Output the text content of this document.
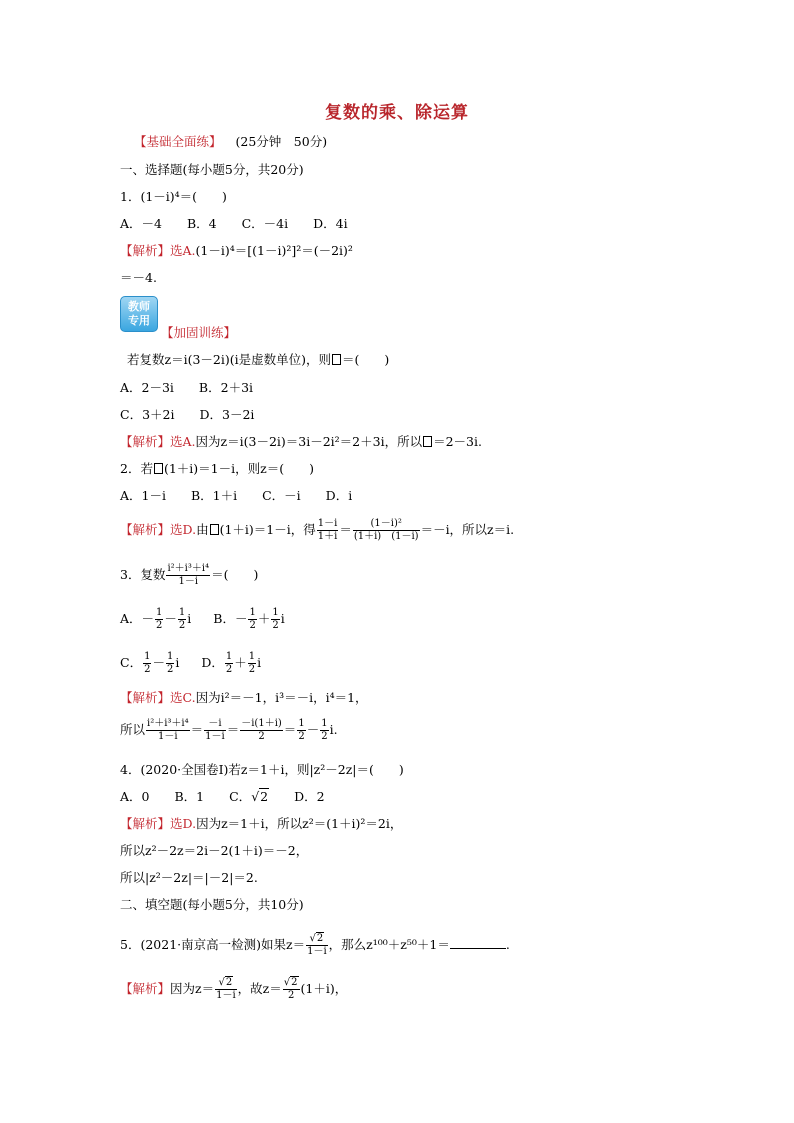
复数的乘、除运算
【基础全面练】 (25分钟　50分)
一、选择题(每小题5分，共20分)
1．(1－i)⁴＝(　　)
A．－4　　B．4　　C．－4i　　D．4i
【解析】选A.(1－i)⁴＝[(1－i)²]²＝(－2i)²
＝－4.
教师
专用
【加固训练】
若复数z＝i(3－2i)(i是虚数单位)，则 ＝(　　)
A．2－3i　　B．2＋3i
C．3＋2i　　D．3－2i
【解析】选A.因为z＝i(3－2i)＝3i－2i²＝2＋3i，所以 ＝2－3i.
2．若 (1＋i)＝1－i，则z＝(　　)
A．1－i　　B．1＋i　　C．－i　　D．i
【解析】选D.由 (1＋i)＝1－i，得 $\frac{1-i}{1+i} = \frac{\text{(1－i)²}}{(1+i) (1-i)} =-i$，所以z＝i.
3．复数 $\frac{\text{i²＋i³＋i⁴}}{1-i}$ ＝(　　)
A．－ $\frac{1}{2} - \frac{1}{2}$ i B．－ $\frac{1}{2} + \frac{1}{2}$ i
C． $\frac{1}{2} - \frac{1}{2}$ i D． $\frac{1}{2} + \frac{1}{2}$ i
【解析】选C.因为i²＝－1，i³＝－i，i⁴＝1，
所以 $\frac{\text{i²＋i³＋i⁴}}{1-i} = \frac{-i}{1-i} = \frac{-i(1+i)}{2} = \frac{1}{2} - \frac{1}{2} i$.
4．(2020·全国卷Ⅰ)若z＝1＋i，则|z²－2z|＝(　　)
A．0　　B．1　　C．√2　　D．2
【解析】选D.因为z＝1＋i，所以z²＝(1＋i)²＝2i，
所以z²－2z＝2i－2(1＋i)＝－2，
所以|z²－2z|＝|－2|＝2.
二、填空题(每小题5分，共10分)
5．(2021·南京高一检测)如果$z= \frac{√2}{1-i}$ ，那么z¹⁰⁰＋z⁵⁰＋1＝	.
【解析】因为$z= \frac{√2}{1-i}$ ，故$z= \frac{√2}{2} (1+i)$，
